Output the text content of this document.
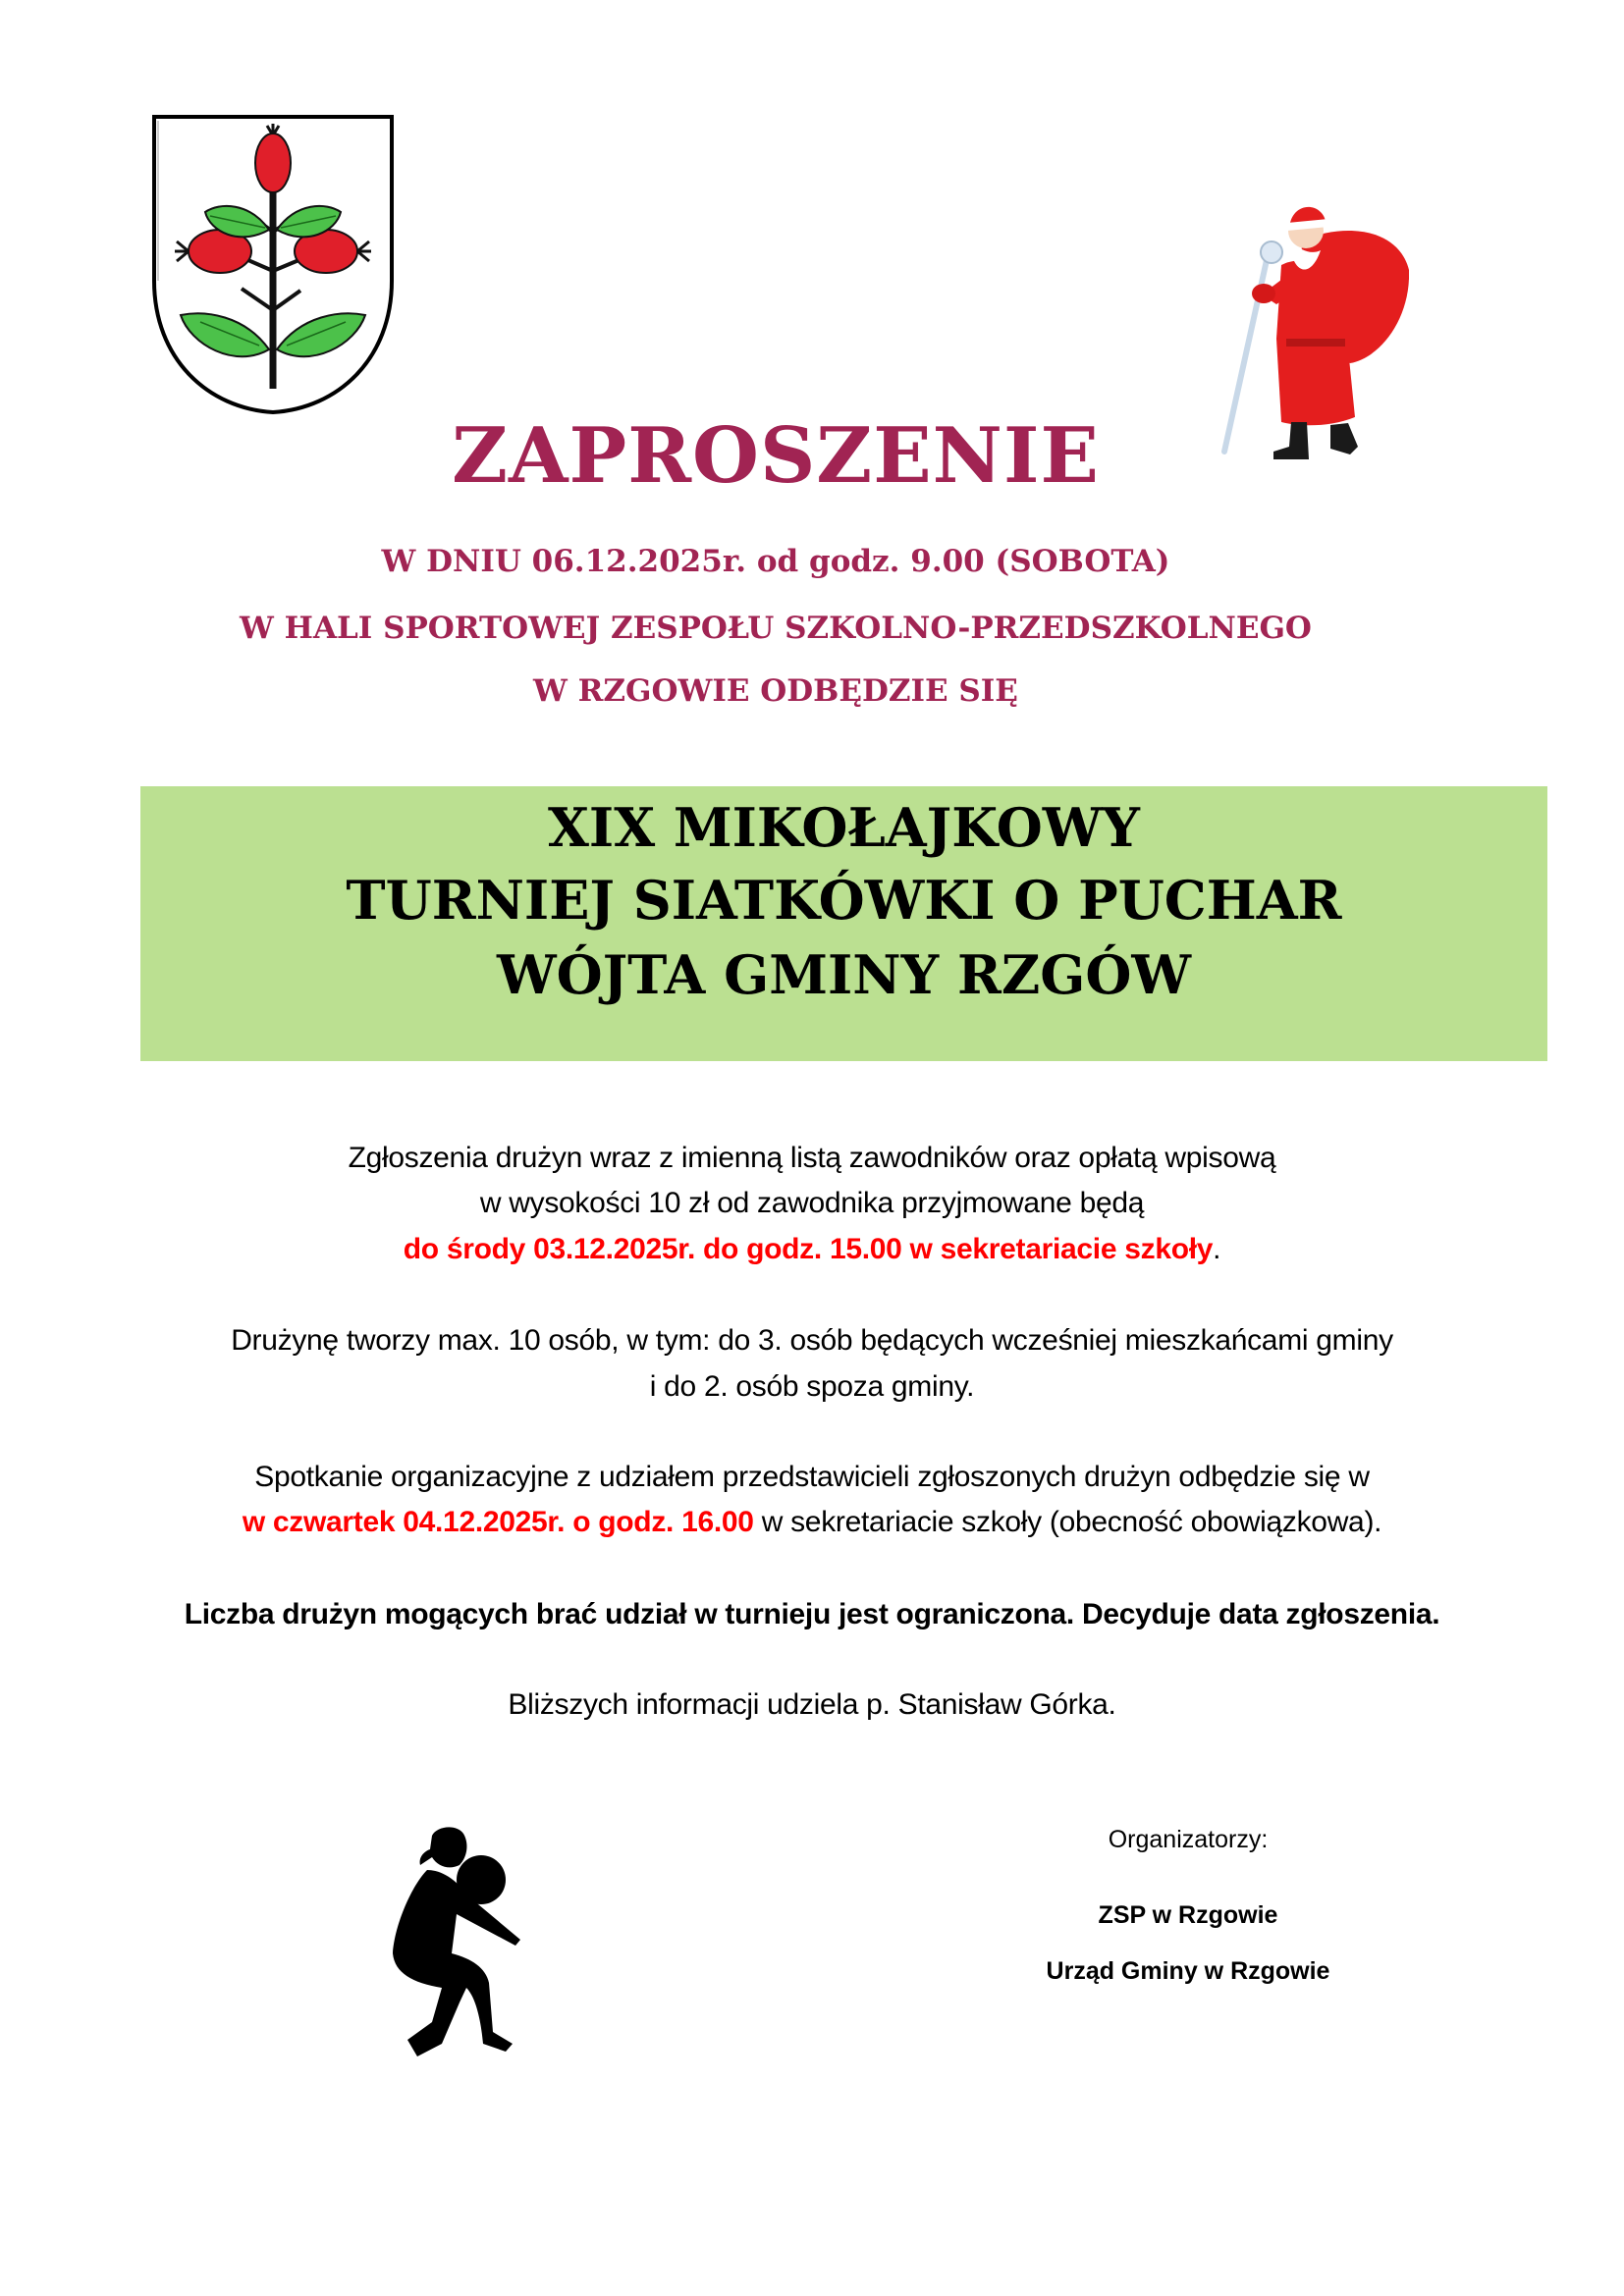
ZAPROSZENIE
W DNIU 06.12.2025r. od godz. 9.00 (SOBOTA)
W HALI SPORTOWEJ ZESPOŁU SZKOLNO-PRZEDSZKOLNEGO
W RZGOWIE ODBĘDZIE SIĘ
XIX MIKOŁAJKOWY
TURNIEJ SIATKÓWKI O PUCHAR
WÓJTA GMINY RZGÓW
Zgłoszenia drużyn wraz z imienną listą zawodników oraz opłatą wpisową
w wysokości 10 zł od zawodnika przyjmowane będą
do środy 03.12.2025r. do godz. 15.00 w sekretariacie szkoły.
Drużynę tworzy max. 10 osób, w tym: do 3. osób będących wcześniej mieszkańcami gminy
i do 2. osób spoza gminy.
Spotkanie organizacyjne z udziałem przedstawicieli zgłoszonych drużyn odbędzie się w
w czwartek 04.12.2025r. o godz. 16.00 w sekretariacie szkoły (obecność obowiązkowa).
Liczba drużyn mogących brać udział w turnieju jest ograniczona. Decyduje data zgłoszenia.
Bliższych informacji udziela p. Stanisław Górka.
Organizatorzy:
ZSP w Rzgowie
Urząd Gminy w Rzgowie
